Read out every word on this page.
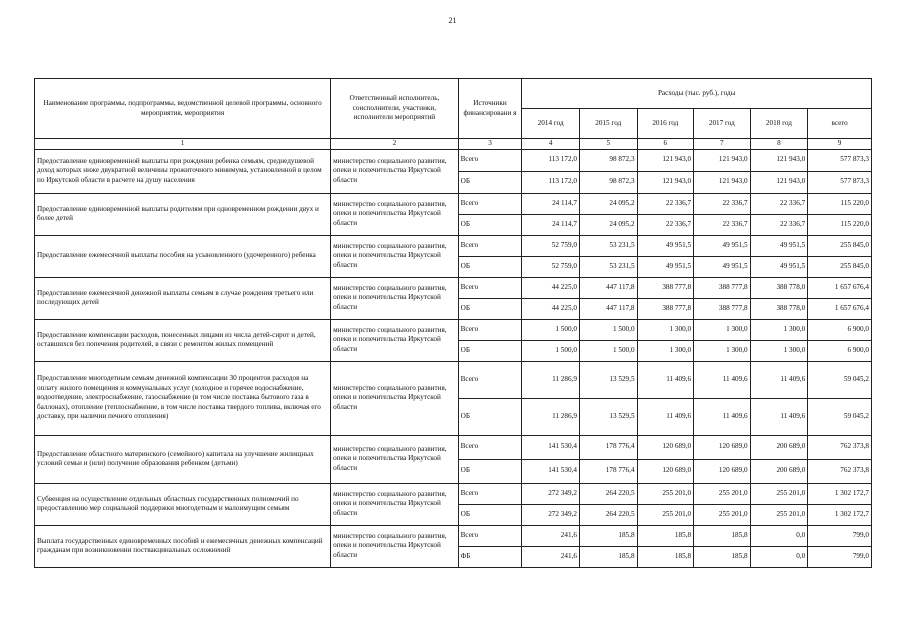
21
Наименование программы, подпрограммы, ведомственной целевой программы, основного мероприятия, мероприятия	Ответственный исполнитель, соисполнители, участники, исполнители мероприятий	Источники финансировани я	Расходы (тыс. руб.), годы					
			2014 год	2015 год	2016 год	2017 год	2018 год	всего
1	2	3	4	5	6	7	8	9
Предоставление единовременной выплаты при рождении ребенка семьям, среднедушевой доход которых ниже двукратной величины прожиточного минимума, установленной в целом по Иркутской области в расчете на душу населения	министерство социального развития, опеки и попечительства Иркутской области	Всего	113 172,0	98 872,3	121 943,0	121 943,0	121 943,0	577 873,3
		ОБ	113 172,0	98 872,3	121 943,0	121 943,0	121 943,0	577 873,3
Предоставление единовременной выплаты родителям при одновременном рождении двух и более детей	министерство социального развития, опеки и попечительства Иркутской области	Всего	24 114,7	24 095,2	22 336,7	22 336,7	22 336,7	115 220,0
		ОБ	24 114,7	24 095,2	22 336,7	22 336,7	22 336,7	115 220,0
Предоставление ежемесячной выплаты пособия на усыновленного (удочеренного) ребенка	министерство социального развития, опеки и попечительства Иркутской области	Всего	52 759,0	53 231,5	49 951,5	49 951,5	49 951,5	255 845,0
		ОБ	52 759,0	53 231,5	49 951,5	49 951,5	49 951,5	255 845,0
Предоставление ежемесячной денежной выплаты семьям в случае рождения третьего или последующих детей	министерство социального развития, опеки и попечительства Иркутской области	Всего	44 225,0	447 117,8	388 777,8	388 777,8	388 778,0	1 657 676,4
		ОБ	44 225,0	447 117,8	388 777,8	388 777,8	388 778,0	1 657 676,4
Предоставление компенсации расходов, понесенных лицами из числа детей-сирот и детей, оставшихся без попечения родителей, в связи с ремонтом жилых помещений	министерство социального развития, опеки и попечительства Иркутской области	Всего	1 500,0	1 500,0	1 300,0	1 300,0	1 300,0	6 900,0
		ОБ	1 500,0	1 500,0	1 300,0	1 300,0	1 300,0	6 900,0
Предоставление многодетным семьям денежной компенсации 30 процентов расходов на оплату жилого помещения и коммунальных услуг (холодное и горячее водоснабжение, водоотведение, электроснабжение, газоснабжение (в том числе поставка бытового газа в баллонах), отопление (теплоснабжение, в том числе поставка твердого топлива, включая его доставку, при наличии печного отопления)	министерство социального развития, опеки и попечительства Иркутской области	Всего	11 286,9	13 529,5	11 409,6	11 409,6	11 409,6	59 045,2
		ОБ	11 286,9	13 529,5	11 409,6	11 409,6	11 409,6	59 045,2
Предоставление областного материнского (семейного) капитала на улучшение жилищных условий семьи и (или) получение образования ребенком (детьми)	министерство социального развития, опеки и попечительства Иркутской области	Всего	141 530,4	178 776,4	120 689,0	120 689,0	200 689,0	762 373,8
		ОБ	141 530,4	178 776,4	120 689,0	120 689,0	200 689,0	762 373,8
Субвенция на осуществление отдельных областных государственных полномочий по предоставлению мер социальной поддержки многодетным и малоимущим семьям	министерство социального развития, опеки и попечительства Иркутской области	Всего	272 349,2	264 220,5	255 201,0	255 201,0	255 201,0	1 302 172,7
		ОБ	272 349,2	264 220,5	255 201,0	255 201,0	255 201,0	1 302 172,7
Выплата государственных единовременных пособий и ежемесячных денежных компенсаций гражданам при возникновении поствакцинальных осложнений	министерство социального развития, опеки и попечительства Иркутской области	Всего	241,6	185,8	185,8	185,8	0,0	799,0
		ФБ	241,6	185,8	185,8	185,8	0,0	799,0
